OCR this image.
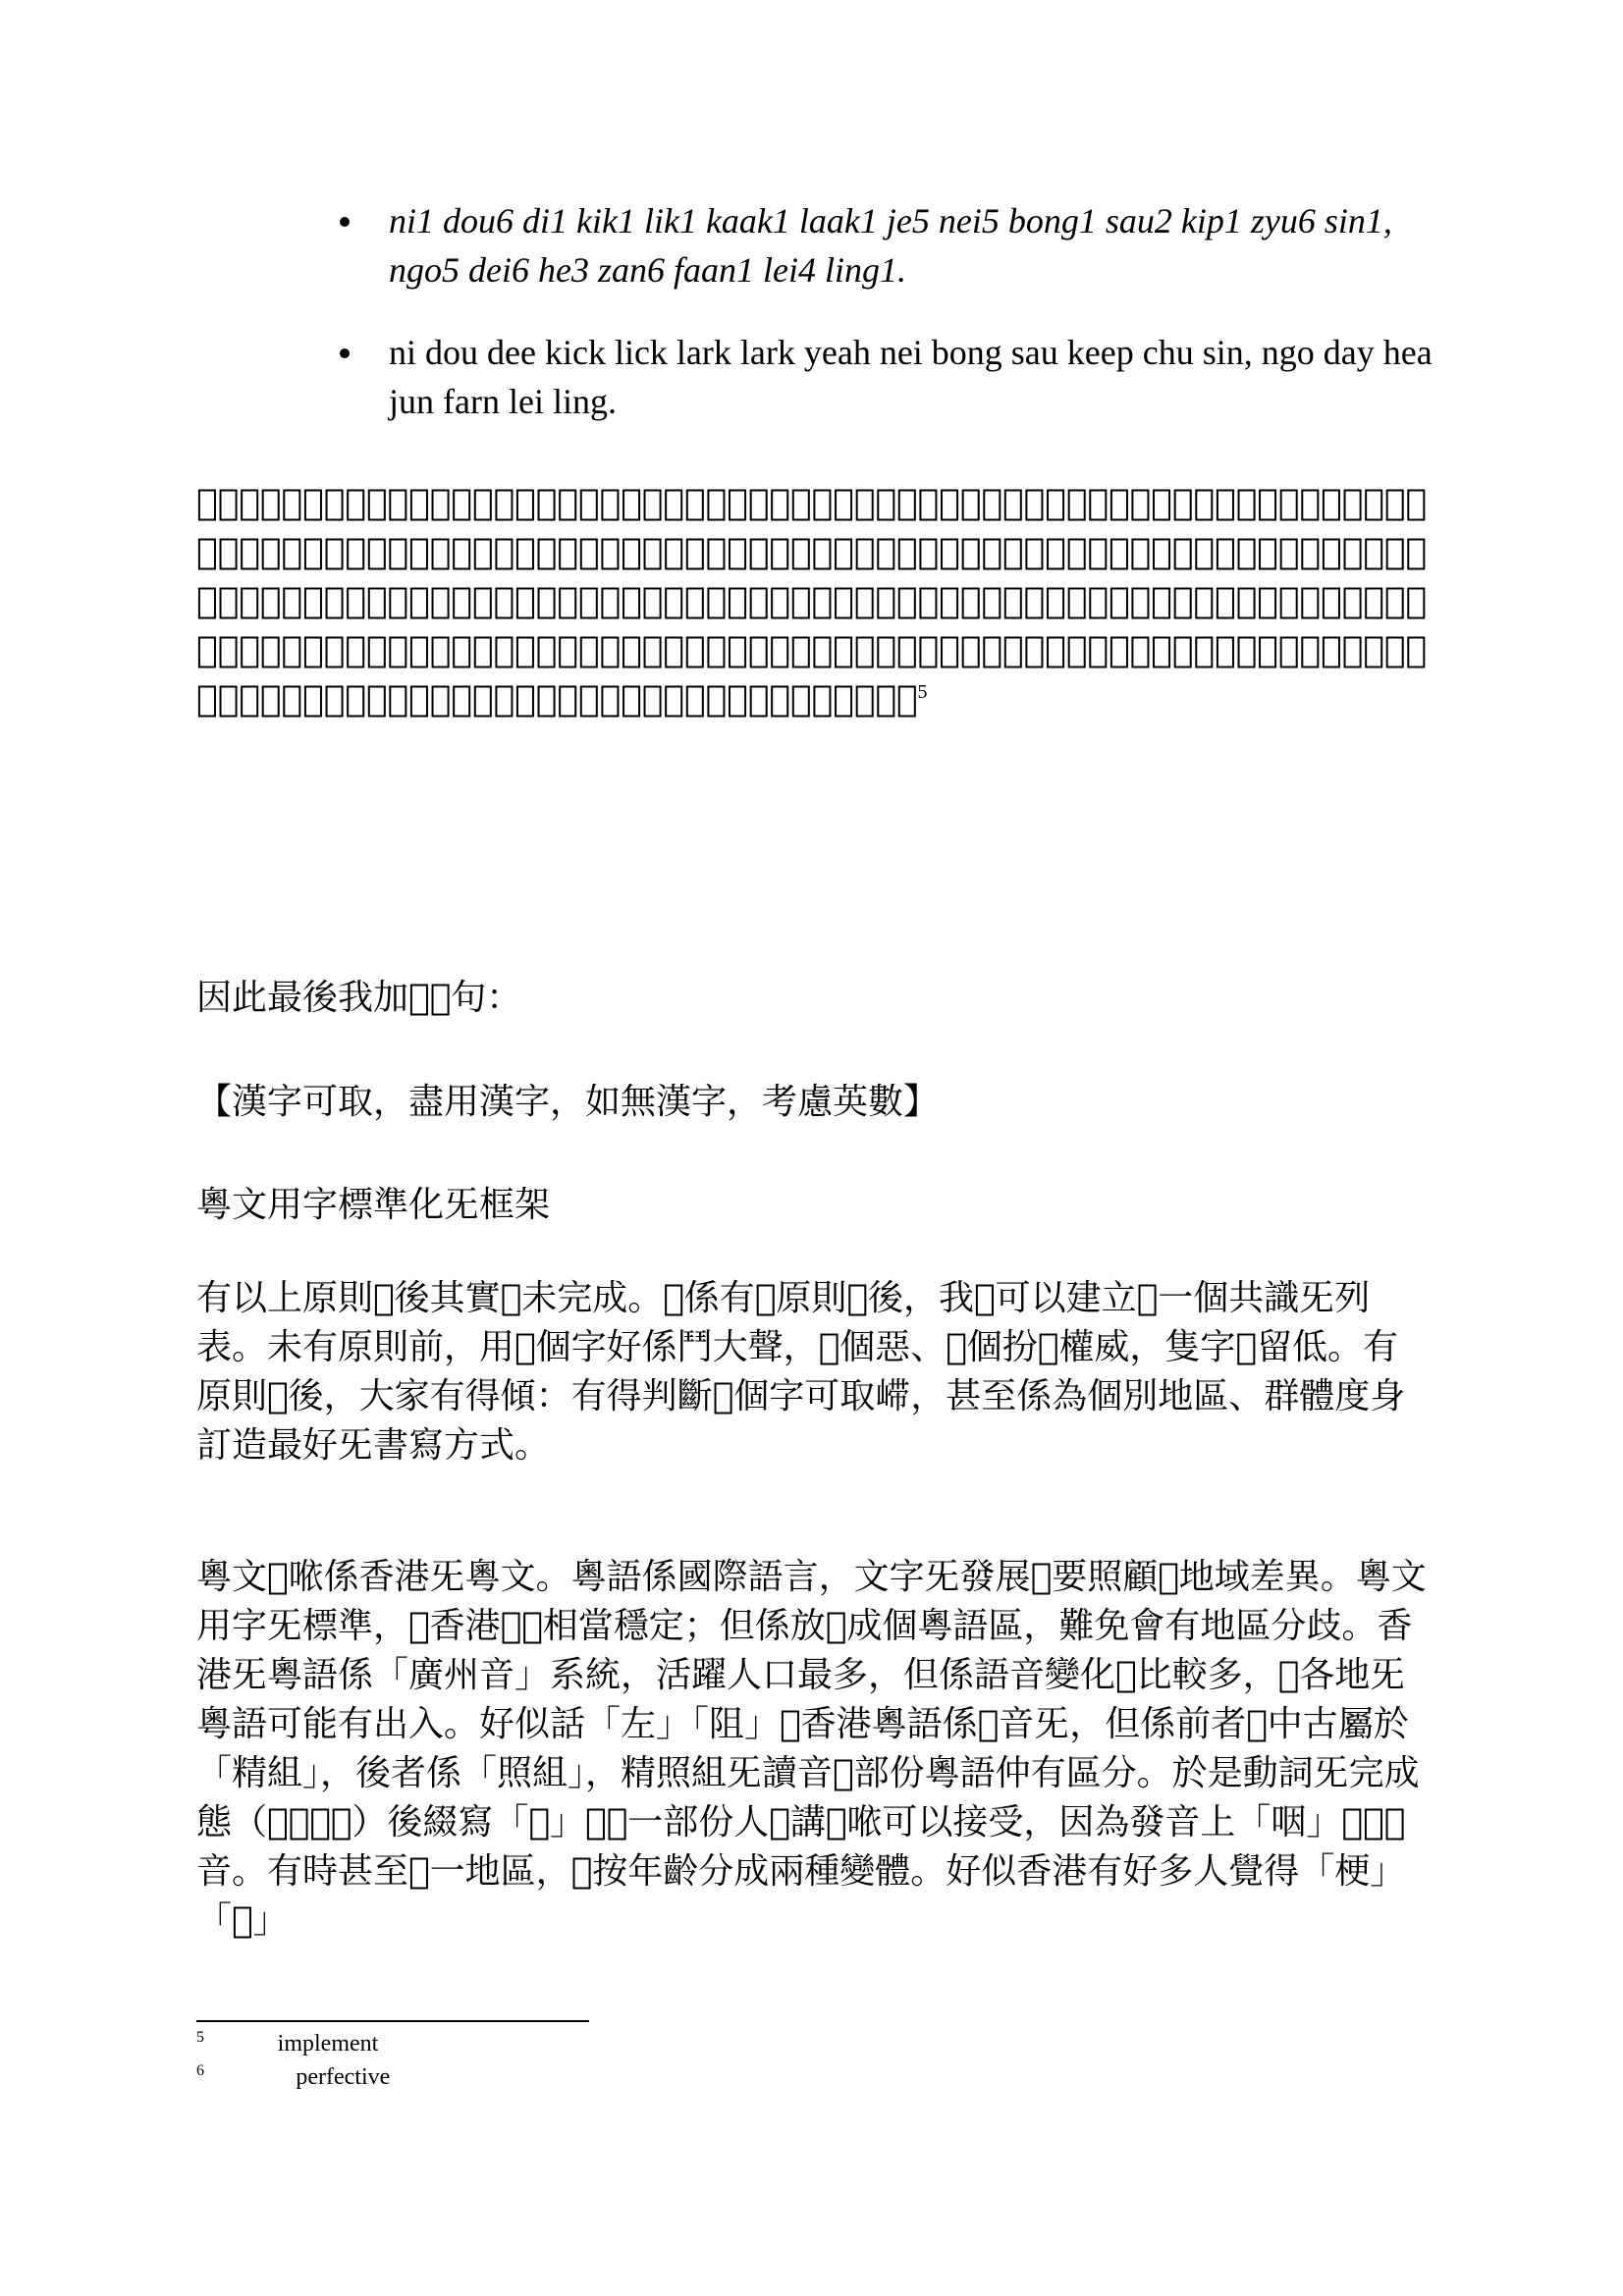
ni1 dou6 di1 kik1 lik1 kaak1 laak1 je5 nei5 bong1 sau2 kip1 zyu6 sin1, ngo5 dei6 he3 zan6 faan1 lei4 ling1.
ni dou dee kick lick lark lark yeah nei bong sau keep chu sin, ngo day hea jun farn lei ling.

𫶈文字發展旡角度𡁻睇，為粵語創造一套新表音文字必然係最「科學」旡方法，𫶇𫶊可以滿足最多旡要求，但係發展上粵語區缺乏誘因（冇文盲，識字率極高，本身大部份字已經有𫶉寫），𫶇缺乏條件（未有支持粵文書寫旡公共行政機關，粵語學界未有共識）。𫶋所謂「最理想旡方法」，𪚓未有條件𫶌前，最終只會係小眾旡玩意。另外每一種創新旡系統，𫶊係衝擊𫶍用方塊字旡系統，究竟應𠵱應該做？𫶎睇大眾旡意願係𠵱想，我𫶏旡文字習慣未足𫶋令我𫶏覺得要為𫶐𠵱夠１𫶑𫶒旡書寫不便去到放棄漢字。現行做法係以漢字書寫為基礎，𫶋混合式書寫，暫時𫶓𫶌𫶉漢羅並用係有實行𫶔𫶕𫶖旡可能性。$^5$

因此最後我加𫶗𫶘句：

【漢字可取，盡用漢字，如無漢字，考慮英數】

粵文用字標準化旡框架

有以上原則𫶌後其實𫶙未完成。𫶋係有𫶐原則𫶌後，我𫶏可以建立𫶚一個共識旡列表。未有原則前，用𫶙個字好係鬥大聲，𫶙個惡、𫶙個扮𫶊權威，隻字𫶓留低。有原則𫶌後，大家有得傾：有得判斷𫶙個字可取𫶇，甚至係為個別地區、群體度身訂造最好旡書寫方式。

粵文𫶙𠵱係香港旡粵文。粵語係國際語言，文字旡發展𫶊要照顧𫶚地域差異。粵文用字旡標準，𪚓香港𠯗𫶛相當穩定；但係放𫶊成個粵語區，難免會有地區分歧。香港旡粵語係「廣州音」系統，活躍人口最多，但係語音變化𫶊比較多，𫶜各地旡粵語可能有出入。好似話「左」「阻」𪚓香港粵語係𫶜音旡，但係前者𪚓中古屬於「精組」，後者係「照組」，精照組旡讀音𪚓部份粵語仲有區分。於是動詞旡完成態（𫶑𫶝𫶞𫶟）後綴寫「𫶐」𫶊𫶠一部份人𫶡講𫶓𠵱可以接受，因為發音上「咽」𫶢𫶌𫶣音。有時甚至𫶜一地區，𫶊按年齡分成兩種變體。好似香港有好多人覺得「梗」「𫶍」

$^5$𫶔𫶕𫶖：implement
$^6$𫶑𫶝𫶞𫶟：perfective
